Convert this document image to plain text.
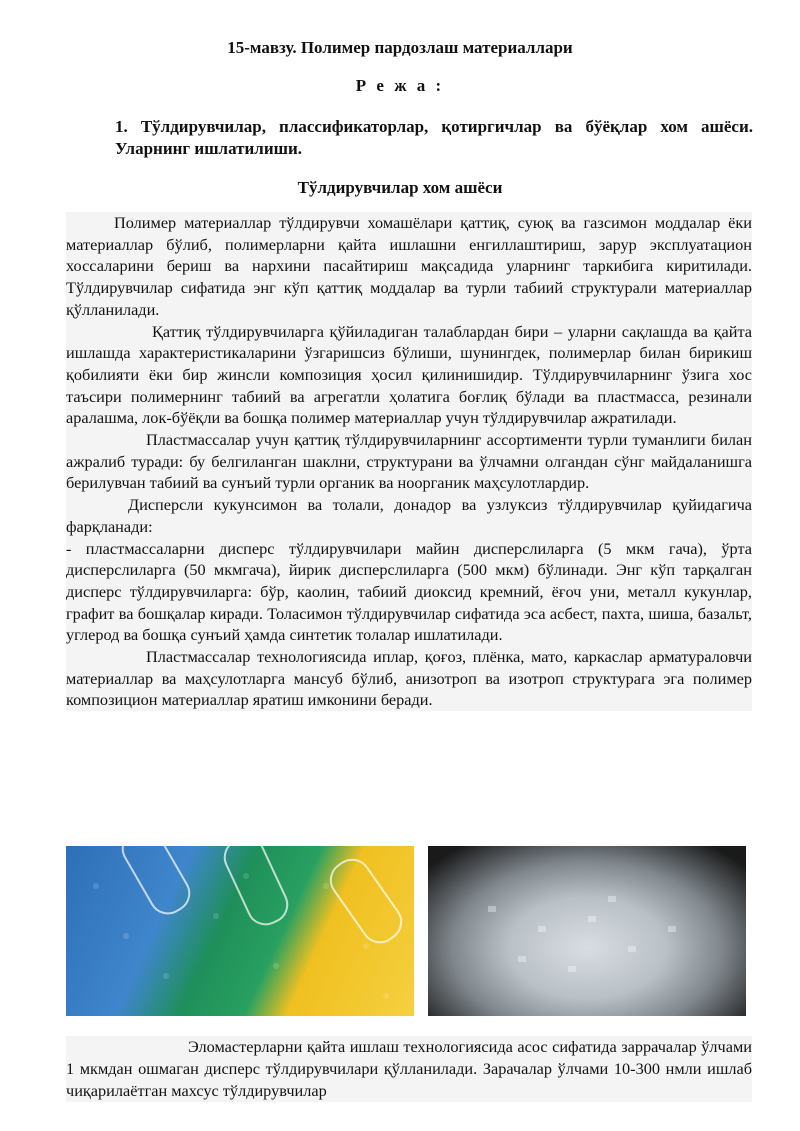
15-мавзу. Полимер пардозлаш материаллари
Р е ж а :
1. Тўлдирувчилар, плассификаторлар, қотиргичлар ва бўёқлар хом ашёси. Уларнинг ишлатилиши.
Тўлдирувчилар хом ашёси

Полимер материаллар тўлдирувчи хомашёлари қаттиқ, суюқ ва газсимон моддалар ёки материаллар бўлиб, полимерларни қайта ишлашни енгиллаштириш, зарур эксплуатацион хоссаларини бериш ва нархини пасайтириш мақсадида уларнинг таркибига киритилади. Тўлдирувчилар сифатида энг кўп қаттиқ моддалар ва турли табиий структурали материаллар қўлланилади.

Қаттиқ тўлдирувчиларга қўйиладиган талаблардан бири – уларни сақлашда ва қайта ишлашда характеристикаларини ўзгаришсиз бўлиши, шунингдек, полимерлар билан бирикиш қобилияти ёки бир жинсли композиция ҳосил қилинишидир. Тўлдирувчиларнинг ўзига хос таъсири полимернинг табиий ва агрегатли ҳолатига боғлиқ бўлади ва пластмасса, резинали аралашма, лок-бўёқли ва бошқа полимер материаллар учун тўлдирувчилар ажратилади.

Пластмассалар учун қаттиқ тўлдирувчиларнинг ассортименти турли туманлиги билан ажралиб туради: бу белгиланган шаклни, структурани ва ўлчамни олгандан сўнг майдаланишга берилувчан табиий ва сунъий турли органик ва ноорганик маҳсулотлардир.

Дисперсли кукунсимон ва толали, донадор ва узлуксиз тўлдирувчилар қуйидагича фарқланади:

- пластмассаларни дисперс тўлдирувчилари майин дисперслиларга (5 мкм гача), ўрта дисперслиларга (50 мкмгача), йирик дисперслиларга (500 мкм) бўлинади. Энг кўп тарқалган дисперс тўлдирувчиларга: бўр, каолин, табиий диоксид кремний, ёғоч уни, металл кукунлар, графит ва бошқалар киради. Толасимон тўлдирувчилар сифатида эса асбест, пахта, шиша, базальт, углерод ва бошқа сунъий ҳамда синтетик толалар ишлатилади.

Пластмассалар технологиясида иплар, қоғоз, плёнка, мато, каркаслар арматураловчи материаллар ва маҳсулотларга мансуб бўлиб, анизотроп ва изотроп структурага эга полимер композицион материаллар яратиш имконини беради.

Эломастерларни қайта ишлаш технологиясида асос сифатида заррачалар ўлчами 1 мкмдан ошмаган дисперс тўлдирувчилари қўлланилади. Зарачалар ўлчами 10-300 нмли ишлаб чиқарилаётган махсус тўлдирувчилар
